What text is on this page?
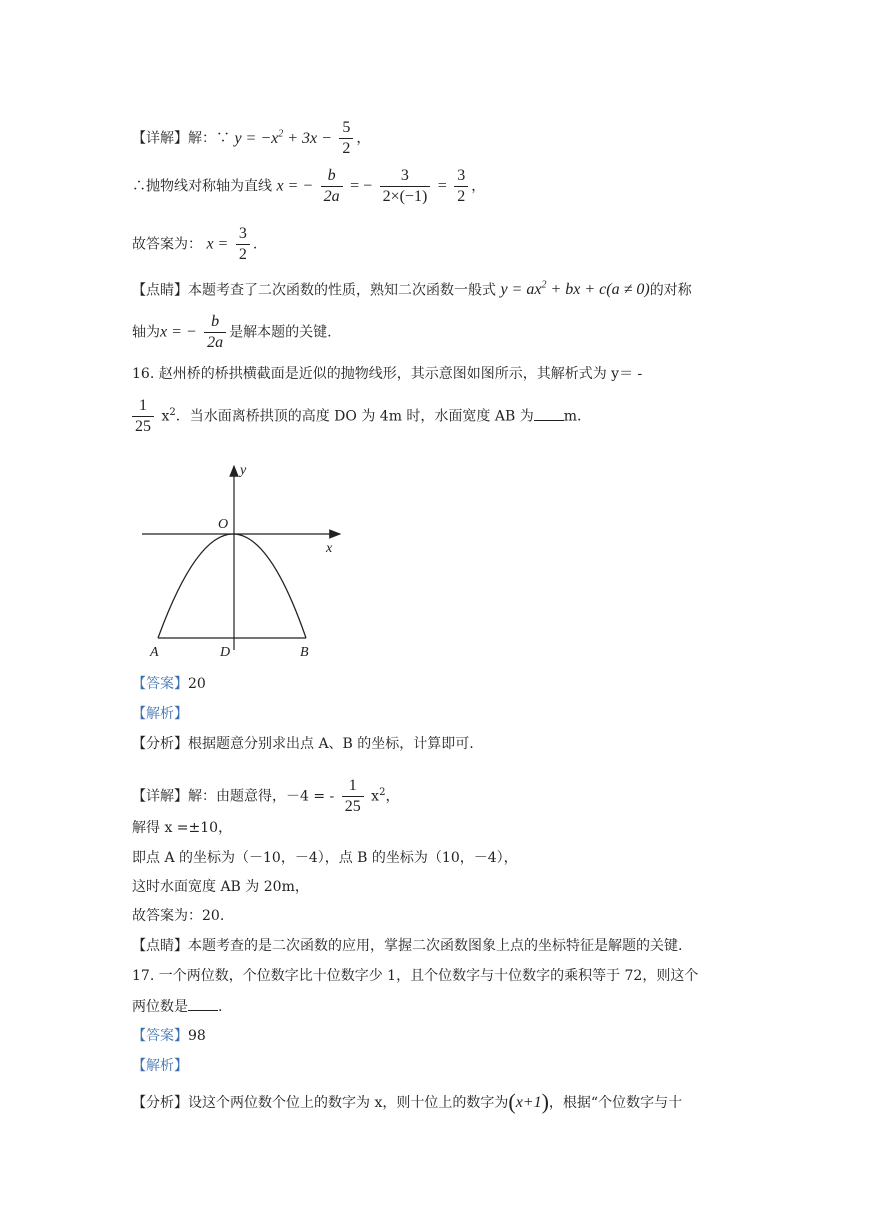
【详解】解：∵ $y = -x^2 + 3x - \frac{5}{2}$ ，
∴抛物线对称轴为直线 x = − $\frac{b}{2a}$ = − $\frac{3}{2\times(-1)} = \frac{3}{2}$ ，
故答案为： $x = \frac{3}{2}$ .
【点睛】本题考查了二次函数的性质，熟知二次函数一般式 $y = ax^2$ + bx + c(a ≠ 0)的对称
轴为x = − $\frac{b}{2a}$ 是解本题的关键.
16. 赵州桥的桥拱横截面是近似的抛物线形，其示意图如图所示，其解析式为 y＝ -
$\frac{1}{25} x^2$．当水面离桥拱顶的高度 DO 为 4m 时，水面宽度 AB 为 m.
y
x
O
A	D	B
【答案】20
【解析】
【分析】根据题意分别求出点 A、B 的坐标，计算即可.
【详解】解：由题意得，－4 = - $\frac{1}{25} x^2$，
解得 x =±10，
即点 A 的坐标为（－10，－4），点 B 的坐标为（10，－4），
这时水面宽度 AB 为 20m，
故答案为：20.
【点睛】本题考查的是二次函数的应用，掌握二次函数图象上点的坐标特征是解题的关键.
17. 一个两位数，个位数字比十位数字少 1，且个位数字与十位数字的乘积等于 72，则这个
两位数是 .
【答案】98
【解析】
【分析】设这个两位数个位上的数字为 x，则十位上的数字为(x+1)，根据“个位数字与十
